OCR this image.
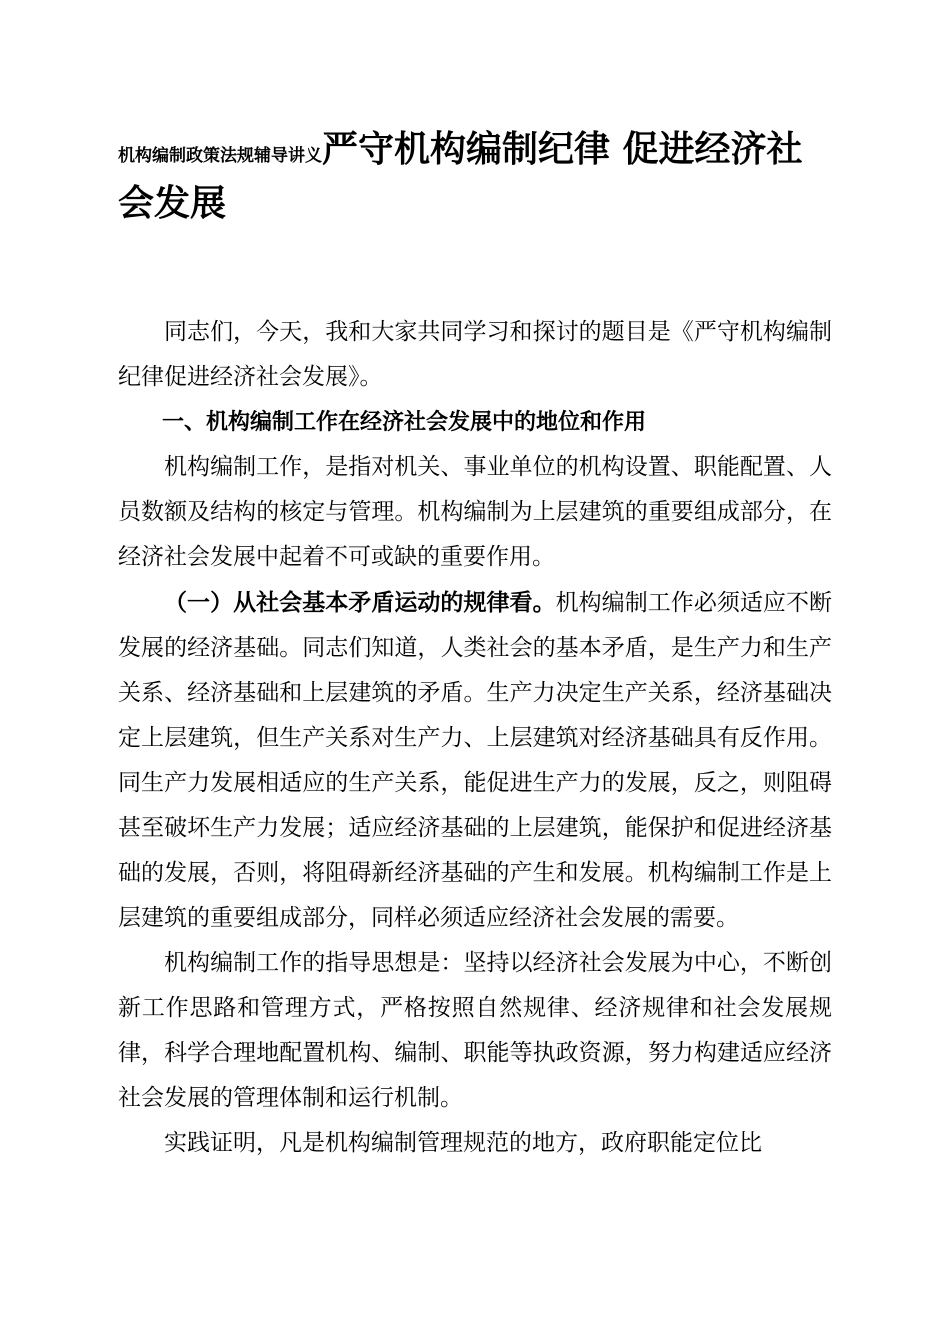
机构编制政策法规辅导讲义严守机构编制纪律 促进经济社会发展

同志们，今天，我和大家共同学习和探讨的题目是《严守机构编制纪律促进经济社会发展》。

一、机构编制工作在经济社会发展中的地位和作用

机构编制工作，是指对机关、事业单位的机构设置、职能配置、人员数额及结构的核定与管理。机构编制为上层建筑的重要组成部分，在经济社会发展中起着不可或缺的重要作用。

（一）从社会基本矛盾运动的规律看。机构编制工作必须适应不断发展的经济基础。同志们知道，人类社会的基本矛盾，是生产力和生产关系、经济基础和上层建筑的矛盾。生产力决定生产关系，经济基础决定上层建筑，但生产关系对生产力、上层建筑对经济基础具有反作用。同生产力发展相适应的生产关系，能促进生产力的发展，反之，则阻碍甚至破坏生产力发展；适应经济基础的上层建筑，能保护和促进经济基础的发展，否则，将阻碍新经济基础的产生和发展。机构编制工作是上层建筑的重要组成部分，同样必须适应经济社会发展的需要。

机构编制工作的指导思想是：坚持以经济社会发展为中心，不断创新工作思路和管理方式，严格按照自然规律、经济规律和社会发展规律，科学合理地配置机构、编制、职能等执政资源，努力构建适应经济社会发展的管理体制和运行机制。

实践证明，凡是机构编制管理规范的地方，政府职能定位比
